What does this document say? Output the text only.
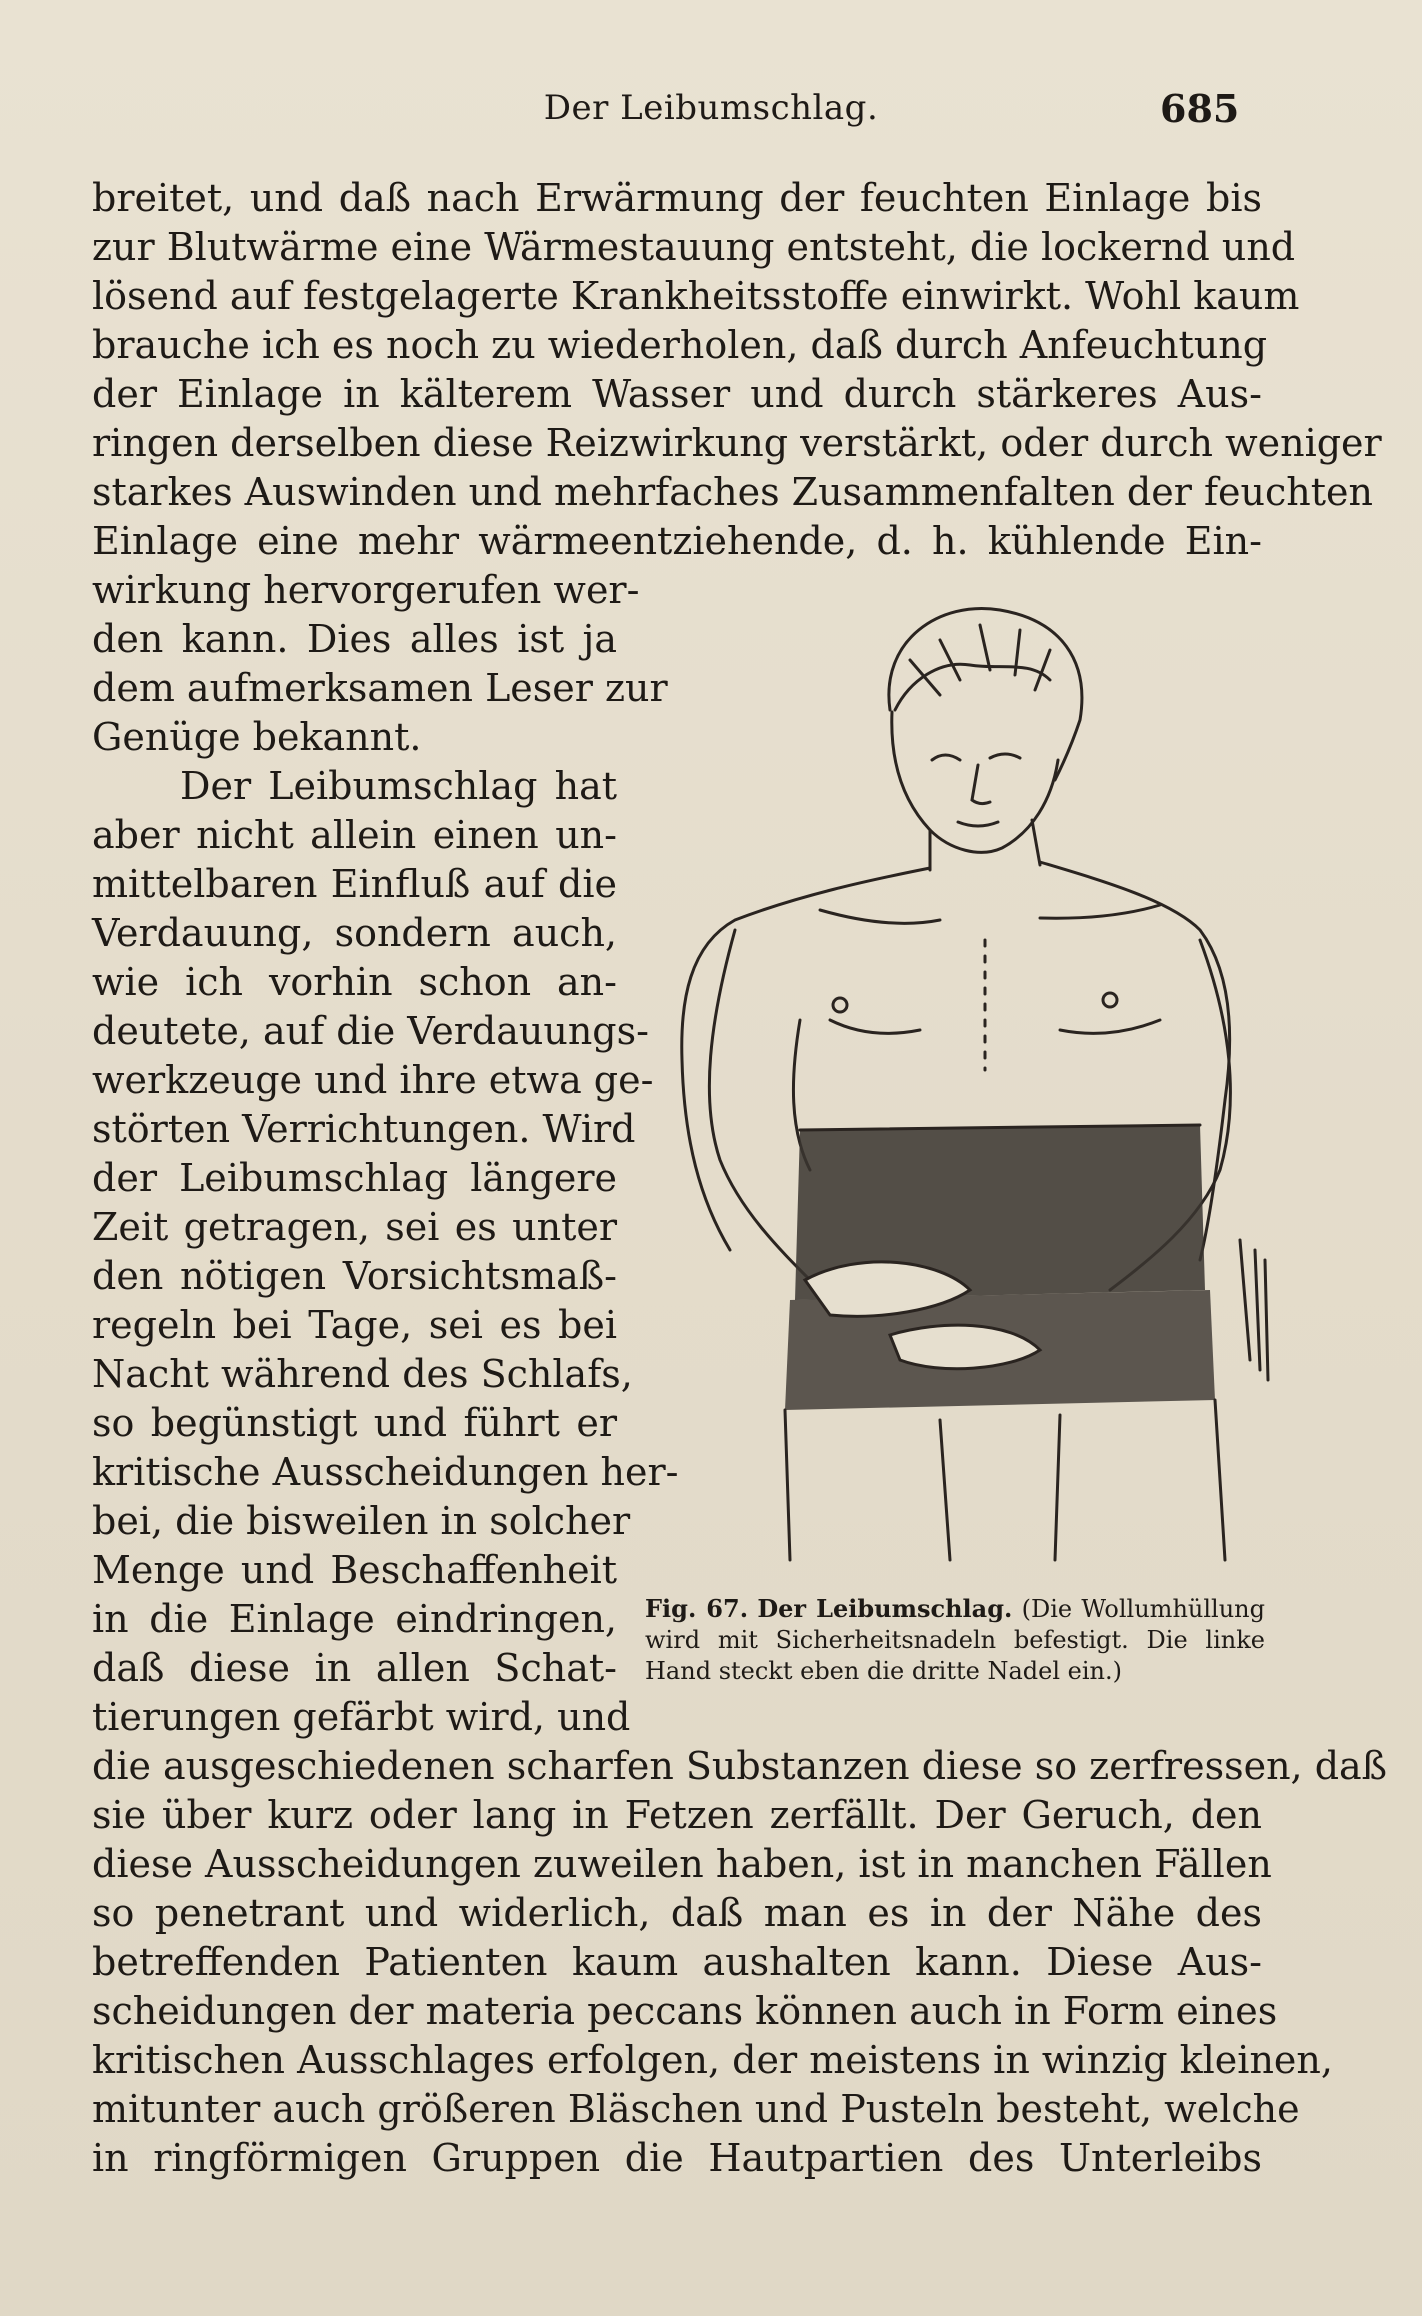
Der Leibumschlag.	685
breitet, und daß nach Erwärmung der feuchten Einlage bis
zur Blutwärme eine Wärmestauung entsteht, die lockernd und
lösend auf festgelagerte Krankheitsstoffe einwirkt. Wohl kaum
brauche ich es noch zu wiederholen, daß durch Anfeuchtung
der Einlage in kälterem Wasser und durch stärkeres Aus-
ringen derselben diese Reizwirkung verstärkt, oder durch weniger
starkes Auswinden und mehrfaches Zusammenfalten der feuchten
Einlage eine mehr wärmeentziehende, d. h. kühlende Ein-
wirkung hervorgerufen wer-
den kann. Dies alles ist ja
dem aufmerksamen Leser zur
Genüge bekannt.
Der Leibumschlag hat
aber nicht allein einen un-
mittelbaren Einfluß auf die
Verdauung, sondern auch,
wie ich vorhin schon an-
deutete, auf die Verdauungs-
werkzeuge und ihre etwa ge-
störten Verrichtungen. Wird
der Leibumschlag längere
Zeit getragen, sei es unter
den nötigen Vorsichtsmaß-
regeln bei Tage, sei es bei
Nacht während des Schlafs,
so begünstigt und führt er
kritische Ausscheidungen her-
bei, die bisweilen in solcher
Menge und Beschaffenheit
in die Einlage eindringen,
daß diese in allen Schat-
tierungen gefärbt wird, und
die ausgeschiedenen scharfen Substanzen diese so zerfressen, daß
sie über kurz oder lang in Fetzen zerfällt. Der Geruch, den
diese Ausscheidungen zuweilen haben, ist in manchen Fällen
so penetrant und widerlich, daß man es in der Nähe des
betreffenden Patienten kaum aushalten kann. Diese Aus-
scheidungen der materia peccans können auch in Form eines
kritischen Ausschlages erfolgen, der meistens in winzig kleinen,
mitunter auch größeren Bläschen und Pusteln besteht, welche
in ringförmigen Gruppen die Hautpartien des Unterleibs
Fig. 67. Der Leibumschlag. (Die Wollumhüllung wird mit Sicherheitsnadeln befestigt. Die linke Hand steckt eben die dritte Nadel ein.)
